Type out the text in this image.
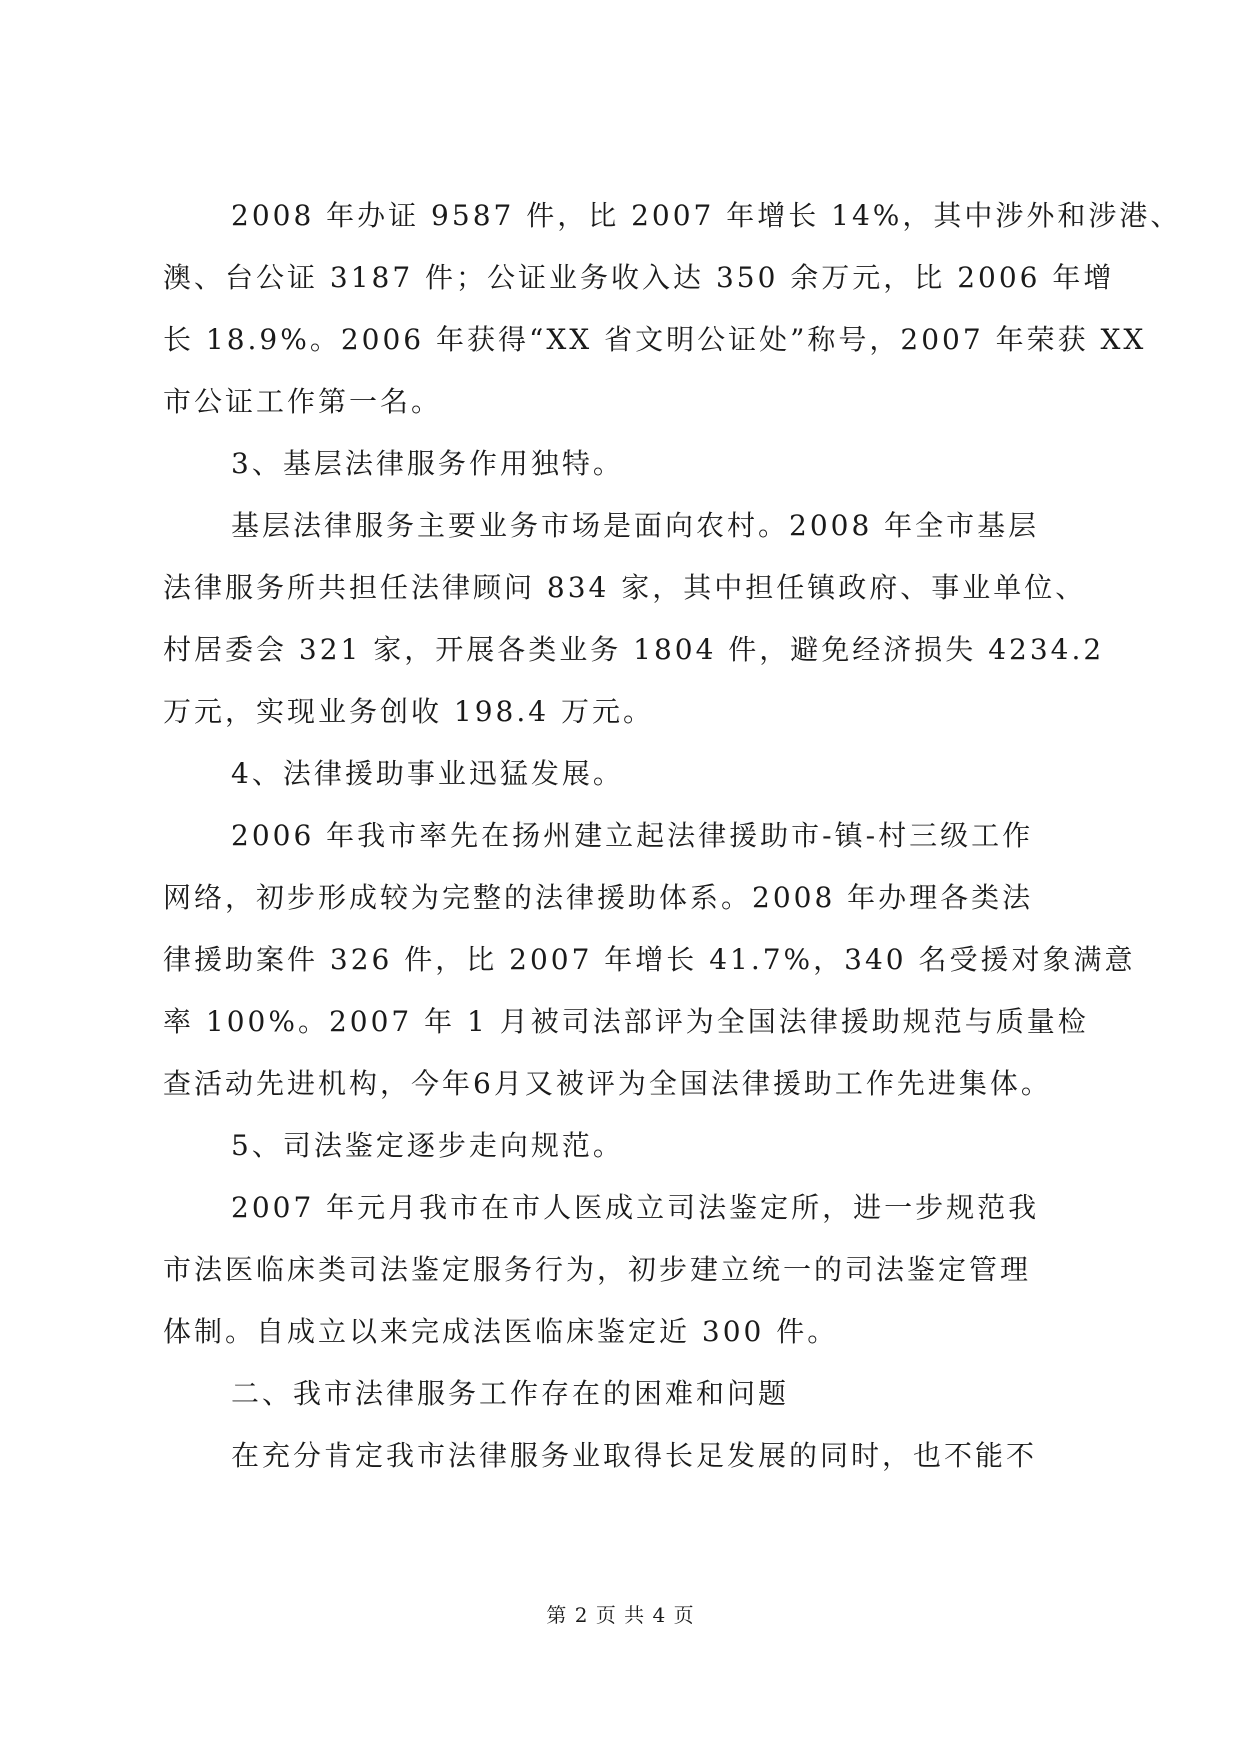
2008 年办证 9587 件，比 2007 年增长 14%，其中涉外和涉港、
澳、台公证 3187 件；公证业务收入达 350 余万元，比 2006 年增
长 18.9%。2006 年获得“XX 省文明公证处”称号，2007 年荣获 XX
市公证工作第一名。
3、基层法律服务作用独特。
基层法律服务主要业务市场是面向农村。2008 年全市基层
法律服务所共担任法律顾问 834 家，其中担任镇政府、事业单位、
村居委会 321 家，开展各类业务 1804 件，避免经济损失 4234.2
万元，实现业务创收 198.4 万元。
4、法律援助事业迅猛发展。
2006 年我市率先在扬州建立起法律援助市-镇-村三级工作
网络，初步形成较为完整的法律援助体系。2008 年办理各类法
律援助案件 326 件，比 2007 年增长 41.7%，340 名受援对象满意
率 100%。2007 年 1 月被司法部评为全国法律援助规范与质量检
查活动先进机构，今年6月又被评为全国法律援助工作先进集体。
5、司法鉴定逐步走向规范。
2007 年元月我市在市人医成立司法鉴定所，进一步规范我
市法医临床类司法鉴定服务行为，初步建立统一的司法鉴定管理
体制。自成立以来完成法医临床鉴定近 300 件。
二、我市法律服务工作存在的困难和问题
在充分肯定我市法律服务业取得长足发展的同时，也不能不
第 2 页 共 4 页
